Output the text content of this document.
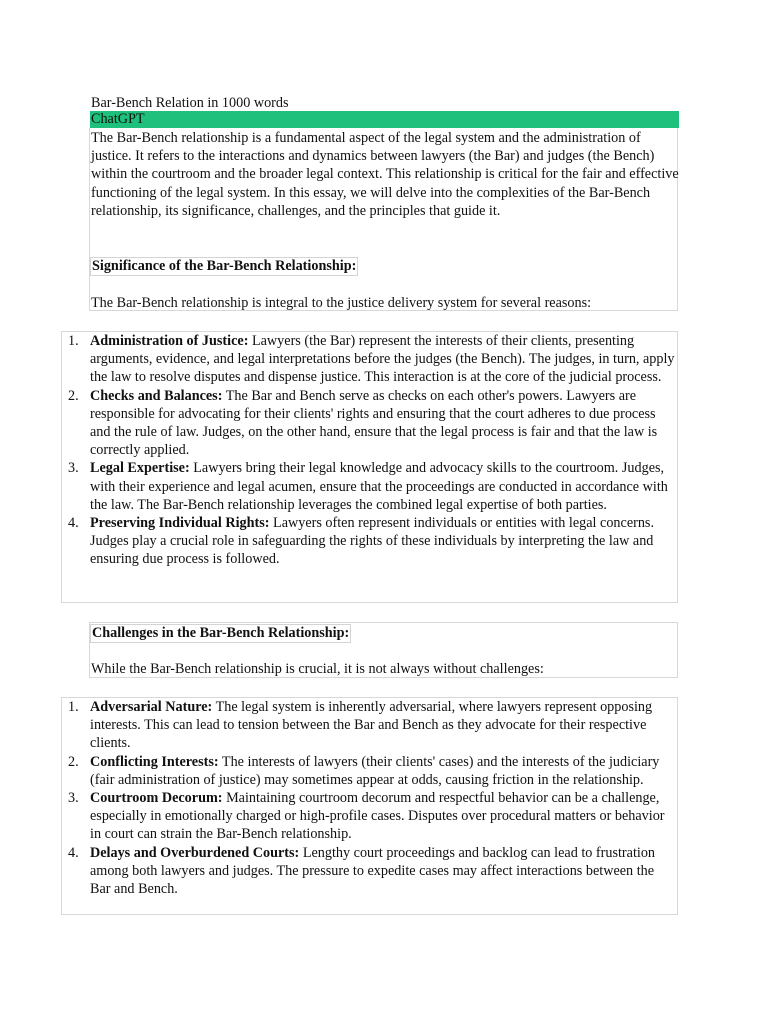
Bar-Bench Relation in 1000 words
ChatGPT

The Bar-Bench relationship is a fundamental aspect of the legal system and the administration of justice. It refers to the interactions and dynamics between lawyers (the Bar) and judges (the Bench) within the courtroom and the broader legal context. This relationship is critical for the fair and effective functioning of the legal system. In this essay, we will delve into the complexities of the Bar-Bench relationship, its significance, challenges, and the principles that guide it.

Significance of the Bar-Bench Relationship:

The Bar-Bench relationship is integral to the justice delivery system for several reasons:

1. Administration of Justice: Lawyers (the Bar) represent the interests of their clients, presenting arguments, evidence, and legal interpretations before the judges (the Bench). The judges, in turn, apply the law to resolve disputes and dispense justice. This interaction is at the core of the judicial process.
2. Checks and Balances: The Bar and Bench serve as checks on each other's powers. Lawyers are responsible for advocating for their clients' rights and ensuring that the court adheres to due process and the rule of law. Judges, on the other hand, ensure that the legal process is fair and that the law is correctly applied.
3. Legal Expertise: Lawyers bring their legal knowledge and advocacy skills to the courtroom. Judges, with their experience and legal acumen, ensure that the proceedings are conducted in accordance with the law. The Bar-Bench relationship leverages the combined legal expertise of both parties.
4. Preserving Individual Rights: Lawyers often represent individuals or entities with legal concerns. Judges play a crucial role in safeguarding the rights of these individuals by interpreting the law and ensuring due process is followed.
Challenges in the Bar-Bench Relationship:

While the Bar-Bench relationship is crucial, it is not always without challenges:

1. Adversarial Nature: The legal system is inherently adversarial, where lawyers represent opposing interests. This can lead to tension between the Bar and Bench as they advocate for their respective clients.
2. Conflicting Interests: The interests of lawyers (their clients' cases) and the interests of the judiciary (fair administration of justice) may sometimes appear at odds, causing friction in the relationship.
3. Courtroom Decorum: Maintaining courtroom decorum and respectful behavior can be a challenge, especially in emotionally charged or high-profile cases. Disputes over procedural matters or behavior in court can strain the Bar-Bench relationship.
4. Delays and Overburdened Courts: Lengthy court proceedings and backlog can lead to frustration among both lawyers and judges. The pressure to expedite cases may affect interactions between the Bar and Bench.
